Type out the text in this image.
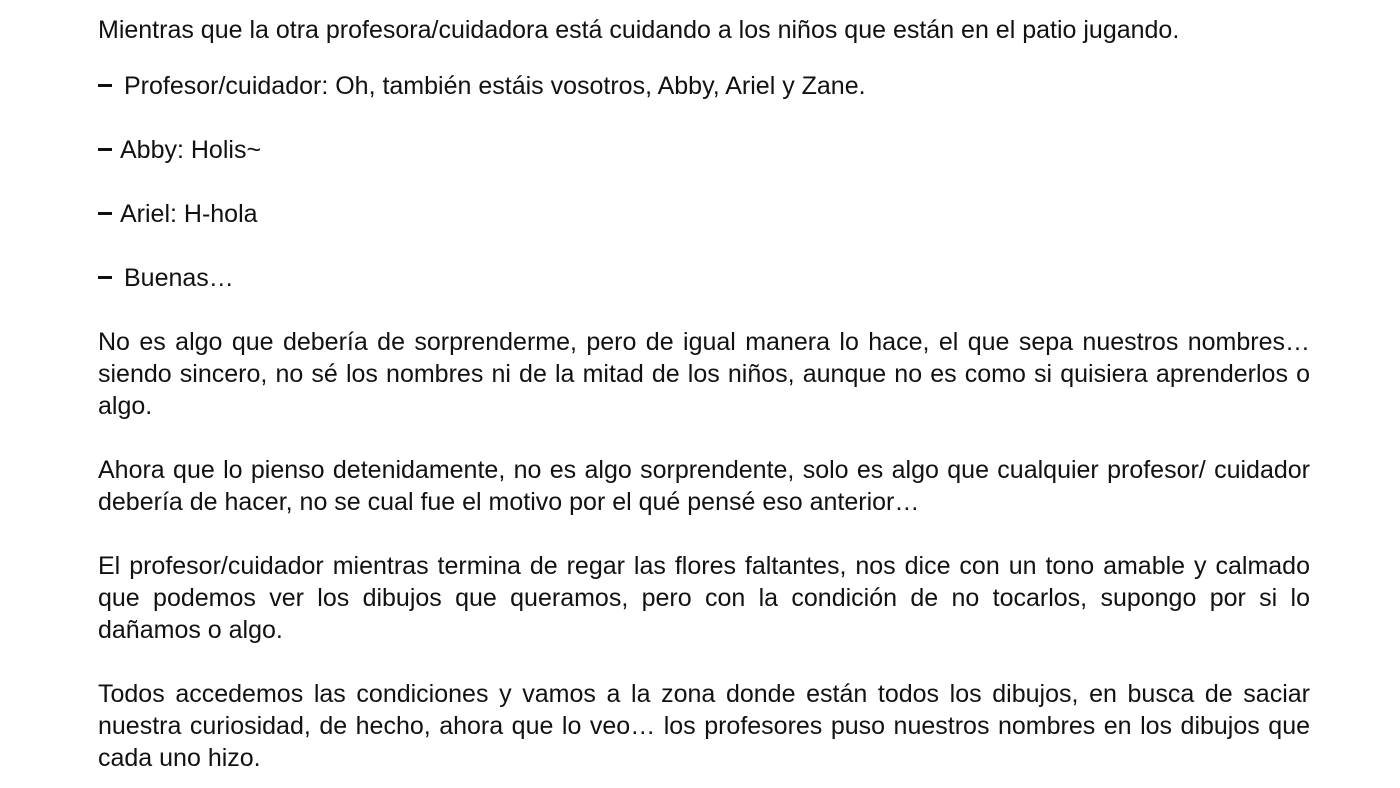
Mientras que la otra profesora/cuidadora está cuidando a los niños que están en el patio jugando.

Profesor/cuidador: Oh, también estáis vosotros, Abby, Ariel y Zane.
Abby: Holis~
Ariel: H-hola
Buenas…

No es algo que debería de sorprenderme, pero de igual manera lo hace, el que sepa nuestros nombres… siendo sincero, no sé los nombres ni de la mitad de los niños, aunque no es como si quisiera aprenderlos o algo.

Ahora que lo pienso detenidamente, no es algo sorprendente, solo es algo que cualquier profesor/ cuidador debería de hacer, no se cual fue el motivo por el qué pensé eso anterior…

El profesor/cuidador mientras termina de regar las flores faltantes, nos dice con un tono amable y calmado que podemos ver los dibujos que queramos, pero con la condición de no tocarlos, supongo por si lo dañamos o algo.

Todos accedemos las condiciones y vamos a la zona donde están todos los dibujos, en busca de saciar nuestra curiosidad, de hecho, ahora que lo veo… los profesores puso nuestros nombres en los dibujos que cada uno hizo.
